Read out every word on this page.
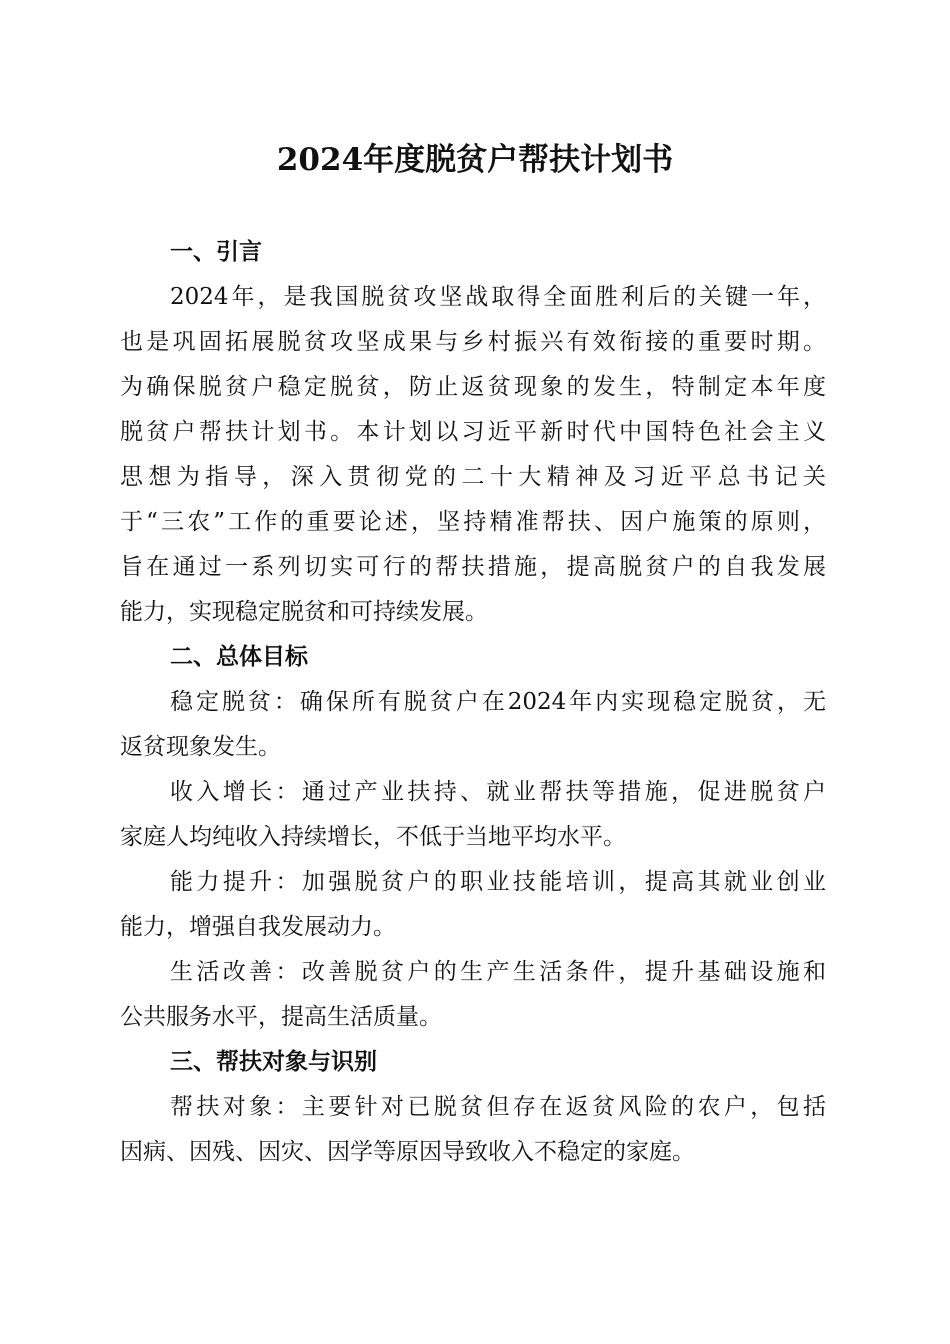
2024年度脱贫户帮扶计划书
一、引言

2024年，是我国脱贫攻坚战取得全面胜利后的关键一年，
也是巩固拓展脱贫攻坚成果与乡村振兴有效衔接的重要时期。
为确保脱贫户稳定脱贫，防止返贫现象的发生，特制定本年度
脱贫户帮扶计划书。本计划以习近平新时代中国特色社会主义
思想为指导，深入贯彻党的二十大精神及习近平总书记关
于“三农”工作的重要论述，坚持精准帮扶、因户施策的原则，
旨在通过一系列切实可行的帮扶措施，提高脱贫户的自我发展
能力，实现稳定脱贫和可持续发展。

二、总体目标

稳定脱贫：确保所有脱贫户在2024年内实现稳定脱贫，无
返贫现象发生。

收入增长：通过产业扶持、就业帮扶等措施，促进脱贫户
家庭人均纯收入持续增长，不低于当地平均水平。

能力提升：加强脱贫户的职业技能培训，提高其就业创业
能力，增强自我发展动力。

生活改善：改善脱贫户的生产生活条件，提升基础设施和
公共服务水平，提高生活质量。

三、帮扶对象与识别

帮扶对象：主要针对已脱贫但存在返贫风险的农户，包括
因病、因残、因灾、因学等原因导致收入不稳定的家庭。
